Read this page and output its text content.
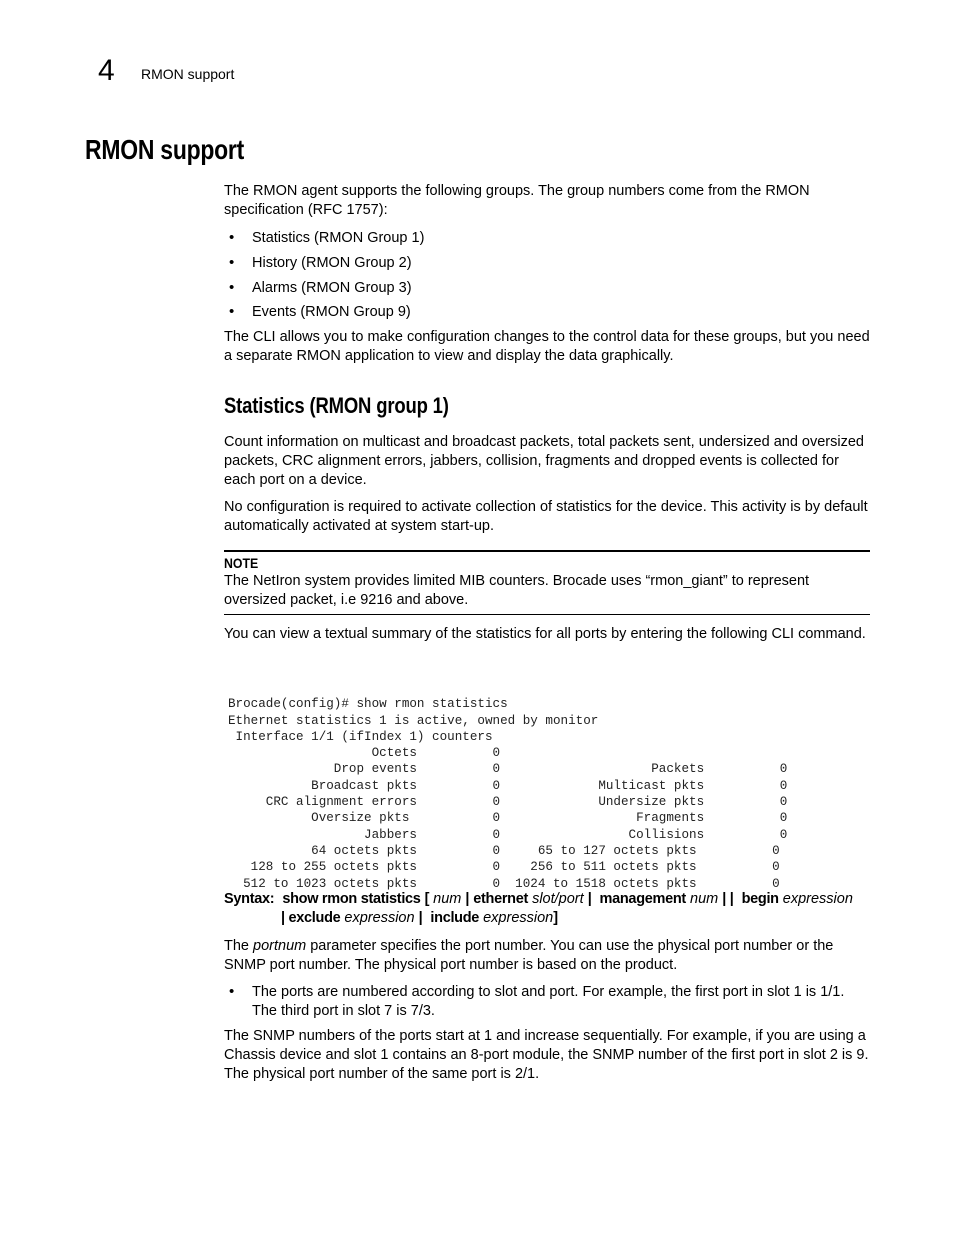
4 RMON support
RMON support
The RMON agent supports the following groups. The group numbers come from the RMON specification (RFC 1757):
• Statistics (RMON Group 1)
• History (RMON Group 2)
• Alarms (RMON Group 3)
• Events (RMON Group 9)
The CLI allows you to make configuration changes to the control data for these groups, but you need a separate RMON application to view and display the data graphically.
Statistics (RMON group 1)
Count information on multicast and broadcast packets, total packets sent, undersized and oversized packets, CRC alignment errors, jabbers, collision, fragments and dropped events is collected for each port on a device.
No configuration is required to activate collection of statistics for the device. This activity is by default automatically activated at system start-up.
NOTE
The NetIron system provides limited MIB counters. Brocade uses “rmon_giant” to represent oversized packet, i.e 9216 and above.
You can view a textual summary of the statistics for all ports by entering the following CLI command.

Brocade(config)# show rmon statistics
Ethernet statistics 1 is active, owned by monitor
Interface 1/1 (ifIndex 1) counters
Octets          0
Drop events          0                    Packets          0
Broadcast pkts          0             Multicast pkts          0
CRC alignment errors          0             Undersize pkts          0
Oversize pkts           0                  Fragments          0
Jabbers          0                 Collisions          0
64 octets pkts          0     65 to 127 octets pkts          0
128 to 255 octets pkts          0    256 to 511 octets pkts          0
512 to 1023 octets pkts          0  1024 to 1518 octets pkts          0

Syntax: show rmon statistics [ num | ethernet slot/port | management num | | begin expression
| exclude expression | include expression]
The portnum parameter specifies the port number. You can use the physical port number or the SNMP port number. The physical port number is based on the product.
• The ports are numbered according to slot and port. For example, the first port in slot 1 is 1/1. The third port in slot 7 is 7/3.
The SNMP numbers of the ports start at 1 and increase sequentially. For example, if you are using a Chassis device and slot 1 contains an 8-port module, the SNMP number of the first port in slot 2 is 9. The physical port number of the same port is 2/1.
